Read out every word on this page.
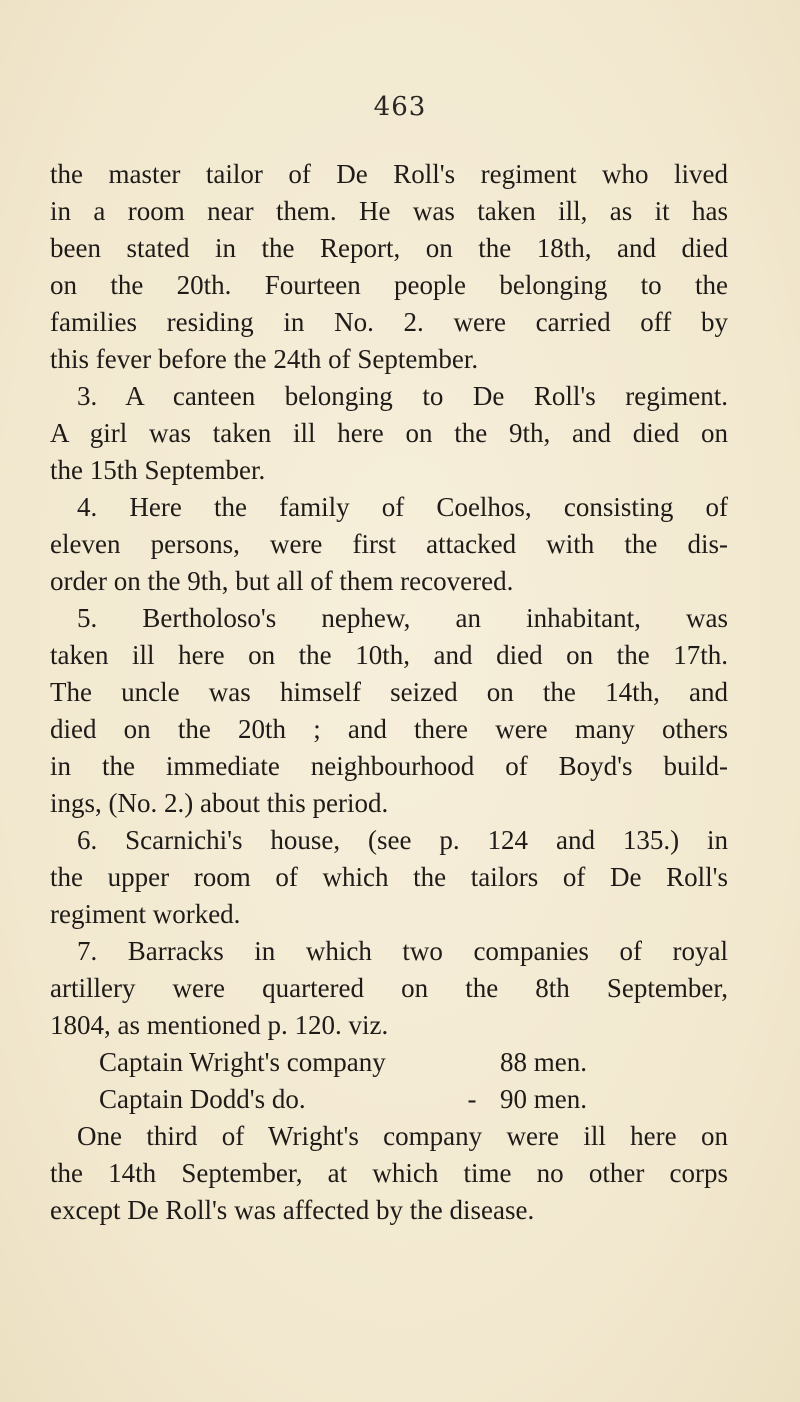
463
the master tailor of De Roll's regiment who lived
in a room near them. He was taken ill, as it has
been stated in the Report, on the 18th, and died
on the 20th. Fourteen people belonging to the
families residing in No. 2. were carried off by
this fever before the 24th of September.
3. A canteen belonging to De Roll's regiment.
A girl was taken ill here on the 9th, and died on
the 15th September.
4. Here the family of Coelhos, consisting of
eleven persons, were first attacked with the dis-
order on the 9th, but all of them recovered.
5. Bertholoso's nephew, an inhabitant, was
taken ill here on the 10th, and died on the 17th.
The uncle was himself seized on the 14th, and
died on the 20th ; and there were many others
in the immediate neighbourhood of Boyd's build-
ings, (No. 2.) about this period.
6. Scarnichi's house, (see p. 124 and 135.) in
the upper room of which the tailors of De Roll's
regiment worked.
7. Barracks in which two companies of royal
artillery were quartered on the 8th September,
1804, as mentioned p. 120. viz.
Captain Wright's company	88 men.
Captain Dodd's do.	- 90 men.
One third of Wright's company were ill here on
the 14th September, at which time no other corps
except De Roll's was affected by the disease.
